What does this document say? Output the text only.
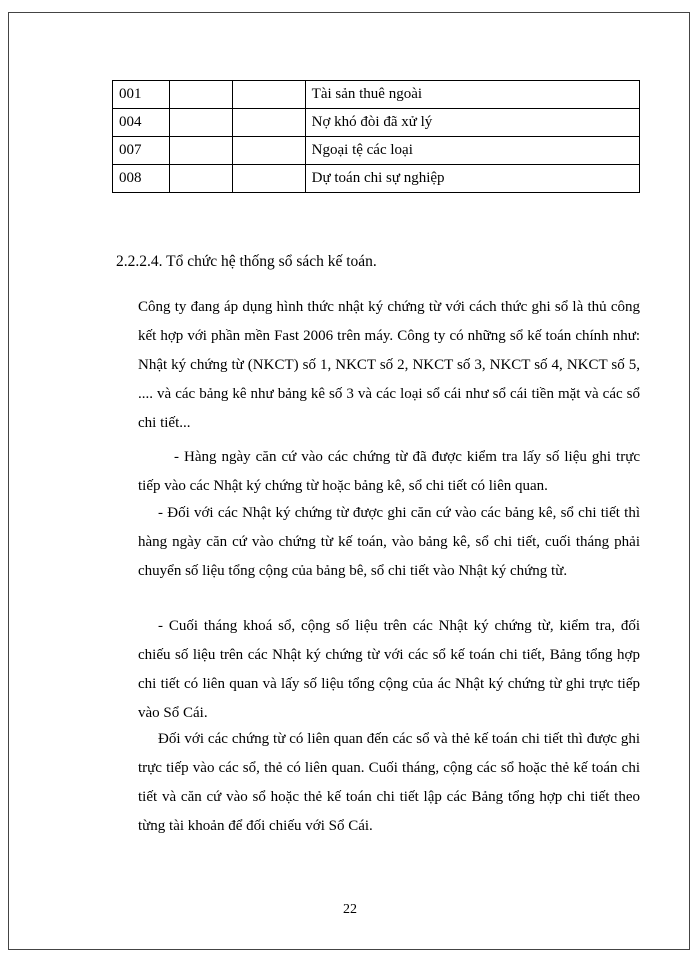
001			Tài sản thuê ngoài
004			Nợ khó đòi đã xử lý
007			Ngoại tệ các loại
008			Dự toán chi sự nghiệp
2.2.2.4. Tổ chức hệ thống sổ sách kế toán.

Công ty đang áp dụng hình thức nhật ký chứng từ với cách thức ghi sổ là thủ công kết hợp với phần mền Fast 2006 trên máy. Công ty có những sổ kế toán chính như: Nhật ký chứng từ (NKCT) số 1, NKCT số 2, NKCT số 3, NKCT số 4, NKCT số 5, .... và các bảng kê như bảng kê số 3 và các loại sổ cái như sổ cái tiền mặt và các sổ chi tiết...

- Hàng ngày căn cứ vào các chứng từ đã được kiểm tra lấy số liệu ghi trực tiếp vào các Nhật ký chứng từ hoặc bảng kê, sổ chi tiết có liên quan.

- Đối với các Nhật ký chứng từ được ghi căn cứ vào các bảng kê, sổ chi tiết thì hàng ngày căn cứ vào chứng từ kế toán, vào bảng kê, sổ chi tiết, cuối tháng phải chuyển số liệu tổng cộng của bảng bê, sổ chi tiết vào Nhật ký chứng từ.

- Cuối tháng khoá sổ, cộng số liệu trên các Nhật ký chứng từ, kiểm tra, đối chiếu số liệu trên các Nhật ký chứng từ với các sổ kế toán chi tiết, Bảng tổng hợp chi tiết có liên quan và lấy số liệu tổng cộng của ác Nhật ký chứng từ ghi trực tiếp vào Sổ Cái.

Đối với các chứng từ có liên quan đến các sổ và thẻ kế toán chi tiết thì được ghi trực tiếp vào các sổ, thẻ có liên quan. Cuối tháng, cộng các sổ hoặc thẻ kế toán chi tiết và căn cứ vào sổ hoặc thẻ kế toán chi tiết lập các Bảng tổng hợp chi tiết theo từng tài khoản để đối chiếu với Sổ Cái.

22
